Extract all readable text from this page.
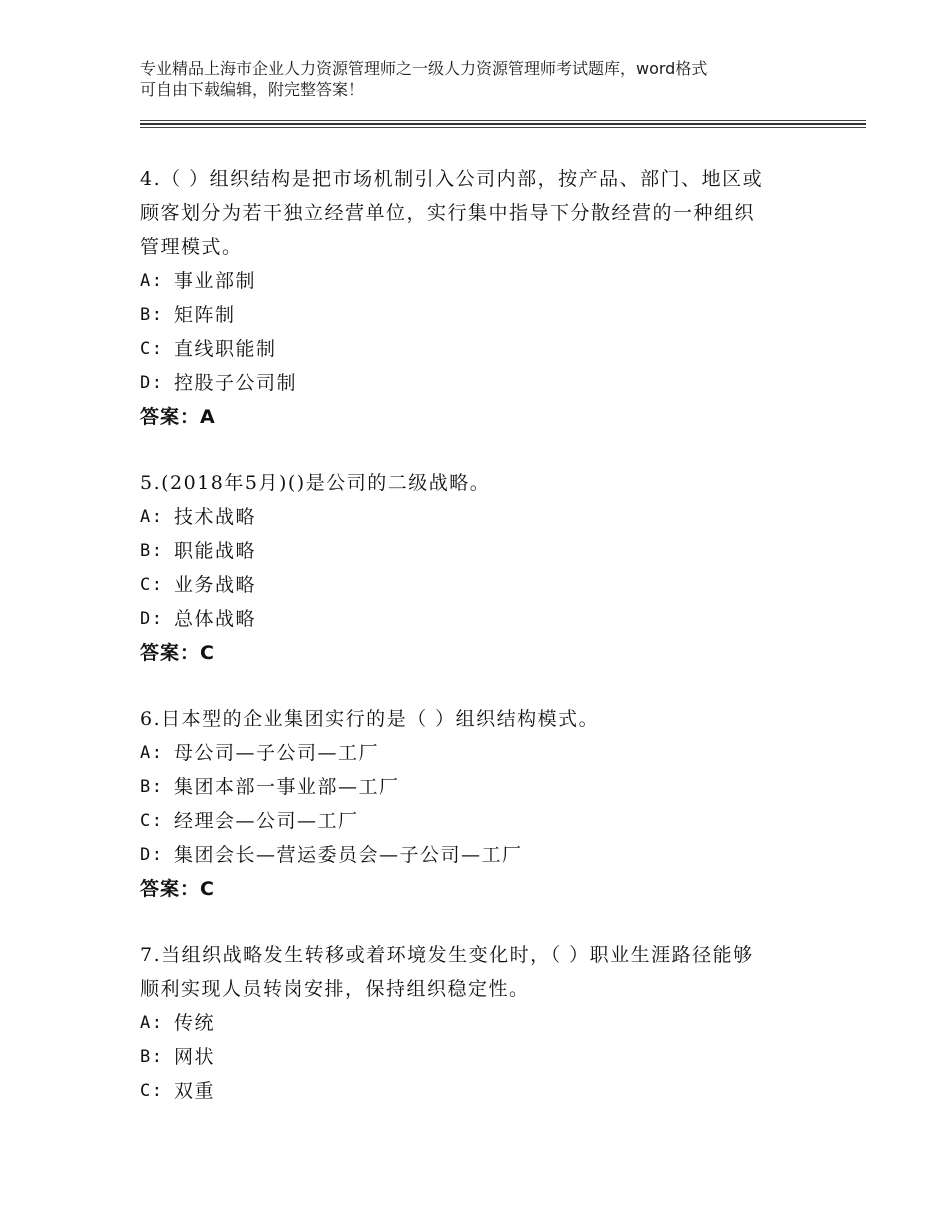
专业精品上海市企业人力资源管理师之一级人力资源管理师考试题库，word格式
可自由下载编辑，附完整答案！

4.（ ）组织结构是把市场机制引入公司内部，按产品、部门、地区或

顾客划分为若干独立经营单位，实行集中指导下分散经营的一种组织

管理模式。

A: 事业部制

B: 矩阵制

C: 直线职能制

D: 控股子公司制

答案：A

5.(2018年5月)()是公司的二级战略。

A: 技术战略

B: 职能战略

C: 业务战略

D: 总体战略

答案：C

6.日本型的企业集团实行的是（ ）组织结构模式。

A: 母公司—子公司—工厂

B: 集团本部一事业部—工厂

C: 经理会—公司—工厂

D: 集团会长—营运委员会—子公司—工厂

答案：C

7.当组织战略发生转移或着环境发生变化时，（ ）职业生涯路径能够

顺利实现人员转岗安排，保持组织稳定性。

A: 传统

B: 网状

C: 双重
